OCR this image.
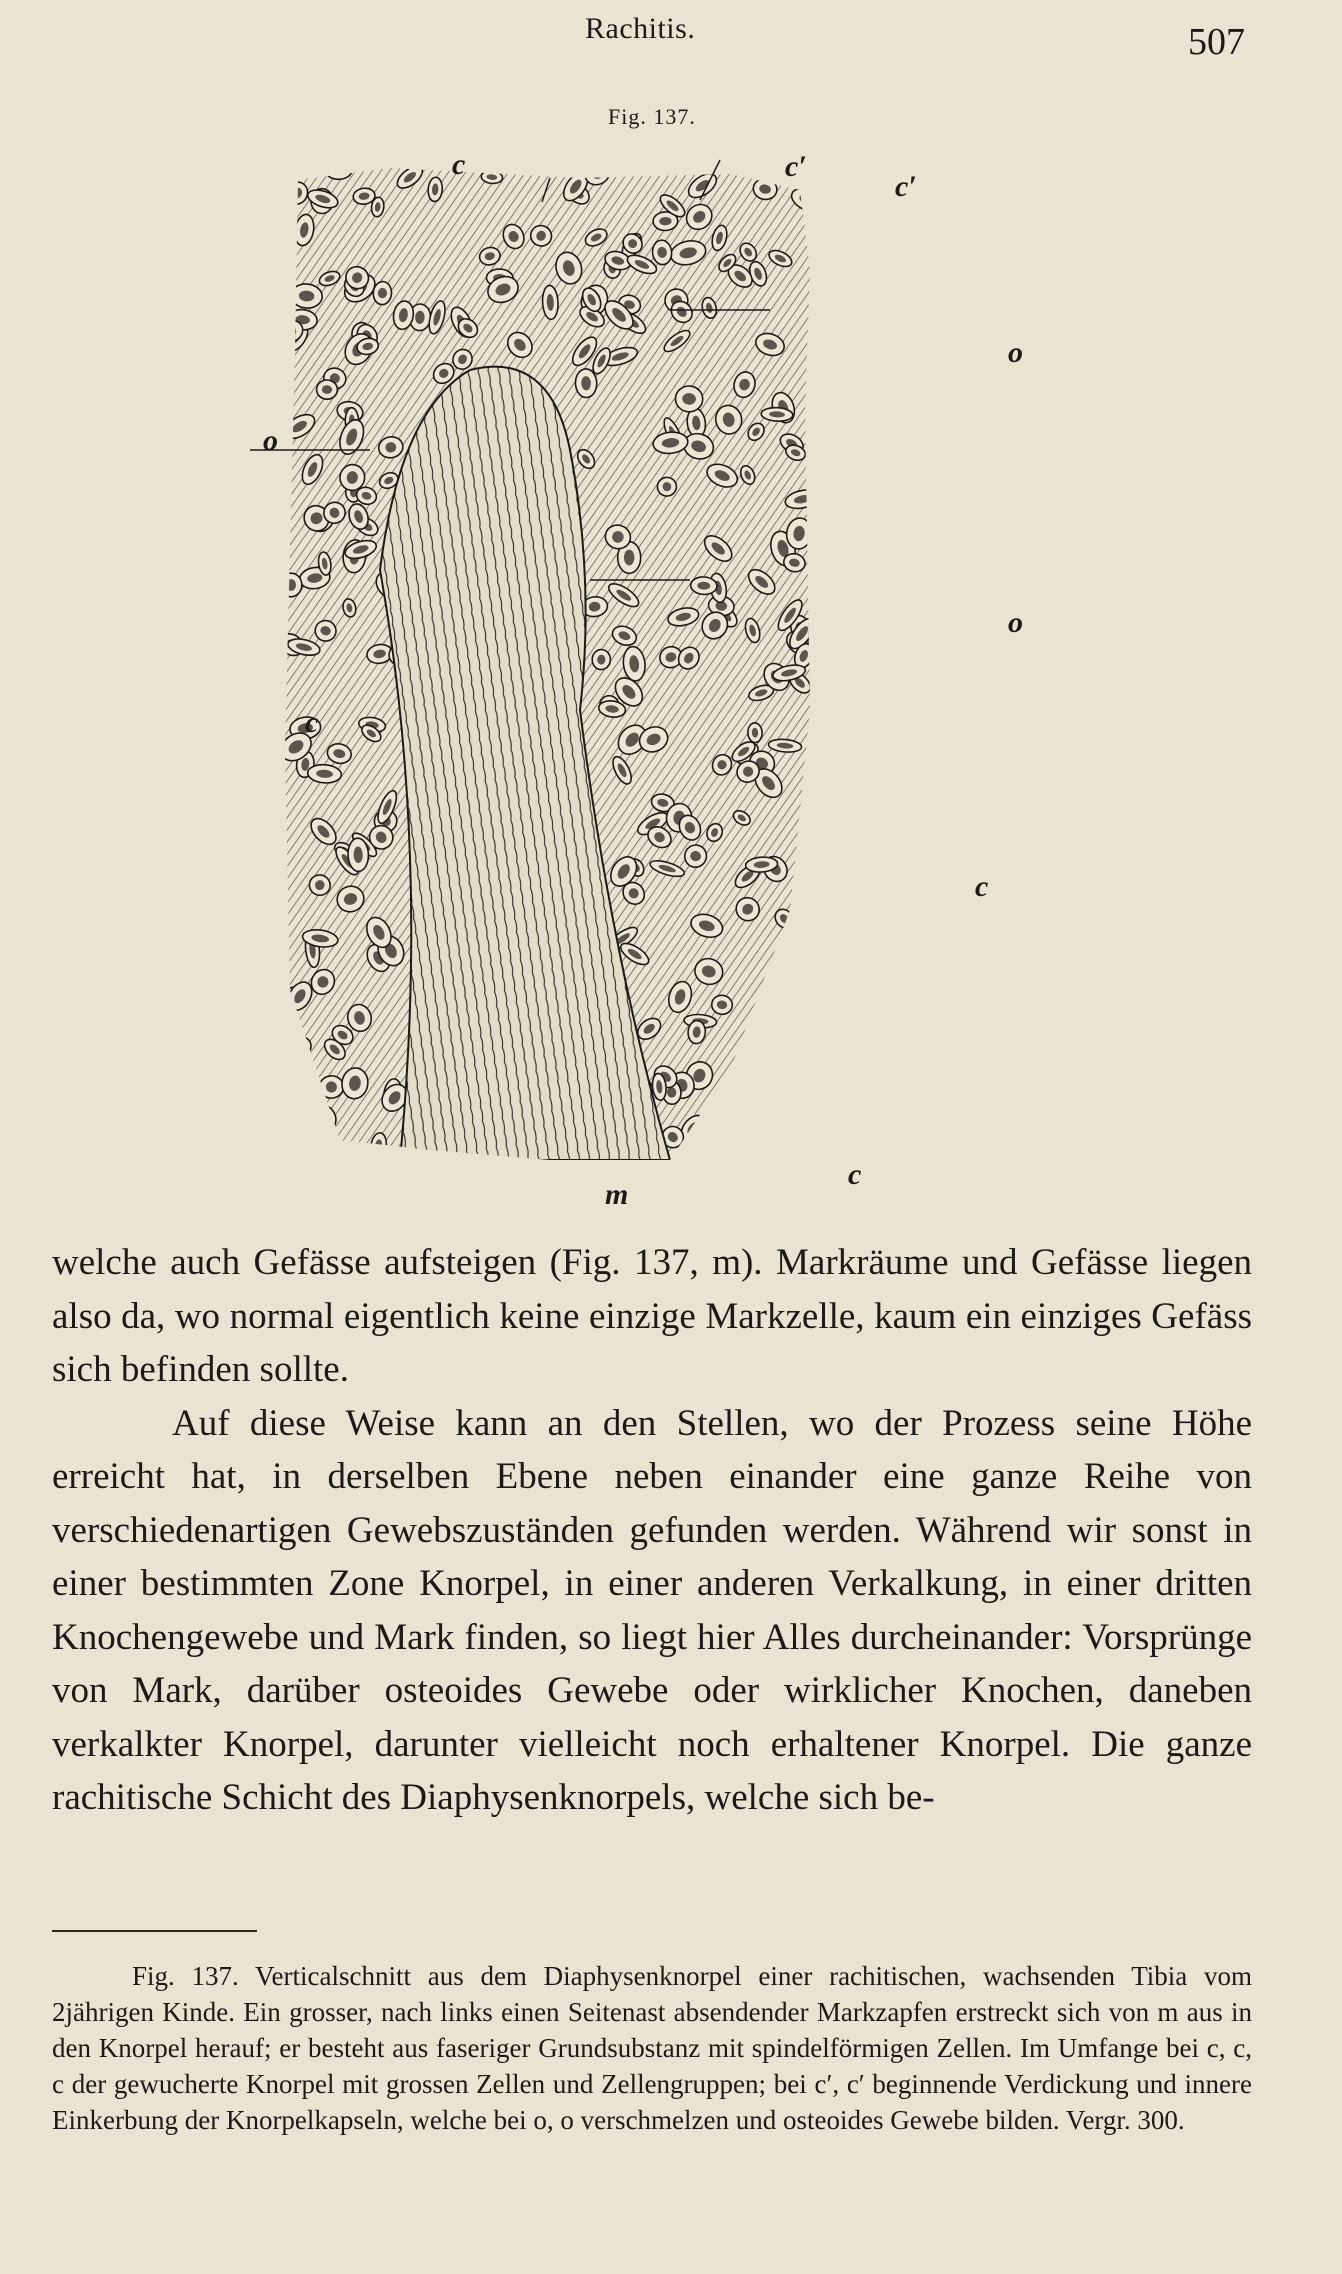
Rachitis.	507
Fig. 137.
c	c′
c′
o
o
o
c
c
c
m

welche auch Gefässe aufsteigen (Fig. 137, m). Markräume und Gefässe liegen also da, wo normal eigentlich keine einzige Markzelle, kaum ein einziges Gefäss sich befinden sollte.

Auf diese Weise kann an den Stellen, wo der Prozess seine Höhe erreicht hat, in derselben Ebene neben einander eine ganze Reihe von verschiedenartigen Gewebszuständen gefunden werden. Während wir sonst in einer bestimmten Zone Knorpel, in einer anderen Verkalkung, in einer dritten Knochengewebe und Mark finden, so liegt hier Alles durcheinander: Vorsprünge von Mark, darüber osteoides Gewebe oder wirklicher Knochen, daneben verkalkter Knorpel, darunter vielleicht noch erhaltener Knorpel. Die ganze rachitische Schicht des Diaphysenknorpels, welche sich be-

Fig. 137. Verticalschnitt aus dem Diaphysenknorpel einer rachitischen, wachsenden Tibia vom 2jährigen Kinde. Ein grosser, nach links einen Seitenast absendender Markzapfen erstreckt sich von m aus in den Knorpel herauf; er besteht aus faseriger Grundsubstanz mit spindelförmigen Zellen. Im Umfange bei c, c, c der gewucherte Knorpel mit grossen Zellen und Zellengruppen; bei c′, c′ beginnende Verdickung und innere Einkerbung der Knorpelkapseln, welche bei o, o verschmelzen und osteoides Gewebe bilden. Vergr. 300.
